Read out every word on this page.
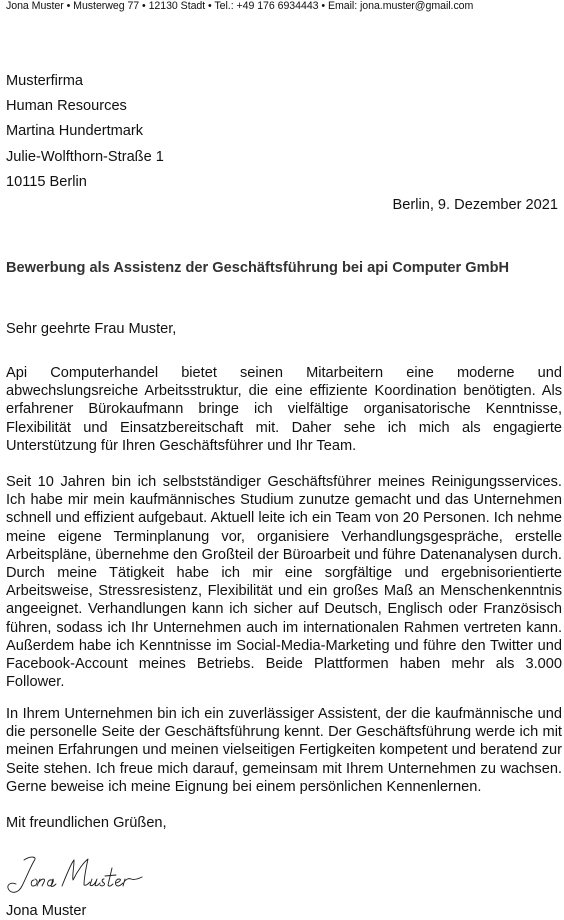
Jona Muster • Musterweg 77 • 12130 Stadt • Tel.: +49 176 6934443 • Email: jona.muster@gmail.com
Musterfirma
Human Resources
Martina Hundertmark
Julie-Wolfthorn-Straße 1
10115 Berlin
Berlin, 9. Dezember 2021
Bewerbung als Assistenz der Geschäftsführung bei api Computer GmbH
Sehr geehrte Frau Muster,
Api Computerhandel bietet seinen Mitarbeitern eine moderne und abwechslungsreiche Arbeitsstruktur, die eine effiziente Koordination benötigten. Als erfahrener Bürokaufmann bringe ich vielfältige organisatorische Kenntnisse, Flexibilität und Einsatzbereitschaft mit. Daher sehe ich mich als engagierte Unterstützung für Ihren Geschäftsführer und Ihr Team.
Seit 10 Jahren bin ich selbstständiger Geschäftsführer meines Reinigungsservices. Ich habe mir mein kaufmännisches Studium zunutze gemacht und das Unternehmen schnell und effizient aufgebaut. Aktuell leite ich ein Team von 20 Personen. Ich nehme meine eigene Terminplanung vor, organisiere Verhandlungsgespräche, erstelle Arbeitspläne, übernehme den Großteil der Büroarbeit und führe Datenanalysen durch. Durch meine Tätigkeit habe ich mir eine sorgfältige und ergebnisorientierte Arbeitsweise, Stressresistenz, Flexibilität und ein großes Maß an Menschenkenntnis angeeignet. Verhandlungen kann ich sicher auf Deutsch, Englisch oder Französisch führen, sodass ich Ihr Unternehmen auch im internationalen Rahmen vertreten kann. Außerdem habe ich Kenntnisse im Social-Media-Marketing und führe den Twitter und Facebook-Account meines Betriebs. Beide Plattformen haben mehr als 3.000 Follower.
In Ihrem Unternehmen bin ich ein zuverlässiger Assistent, der die kaufmännische und die personelle Seite der Geschäftsführung kennt. Der Geschäftsführung werde ich mit meinen Erfahrungen und meinen vielseitigen Fertigkeiten kompetent und beratend zur Seite stehen. Ich freue mich darauf, gemeinsam mit Ihrem Unternehmen zu wachsen. Gerne beweise ich meine Eignung bei einem persönlichen Kennenlernen.
Mit freundlichen Grüßen,
Jona Muster
